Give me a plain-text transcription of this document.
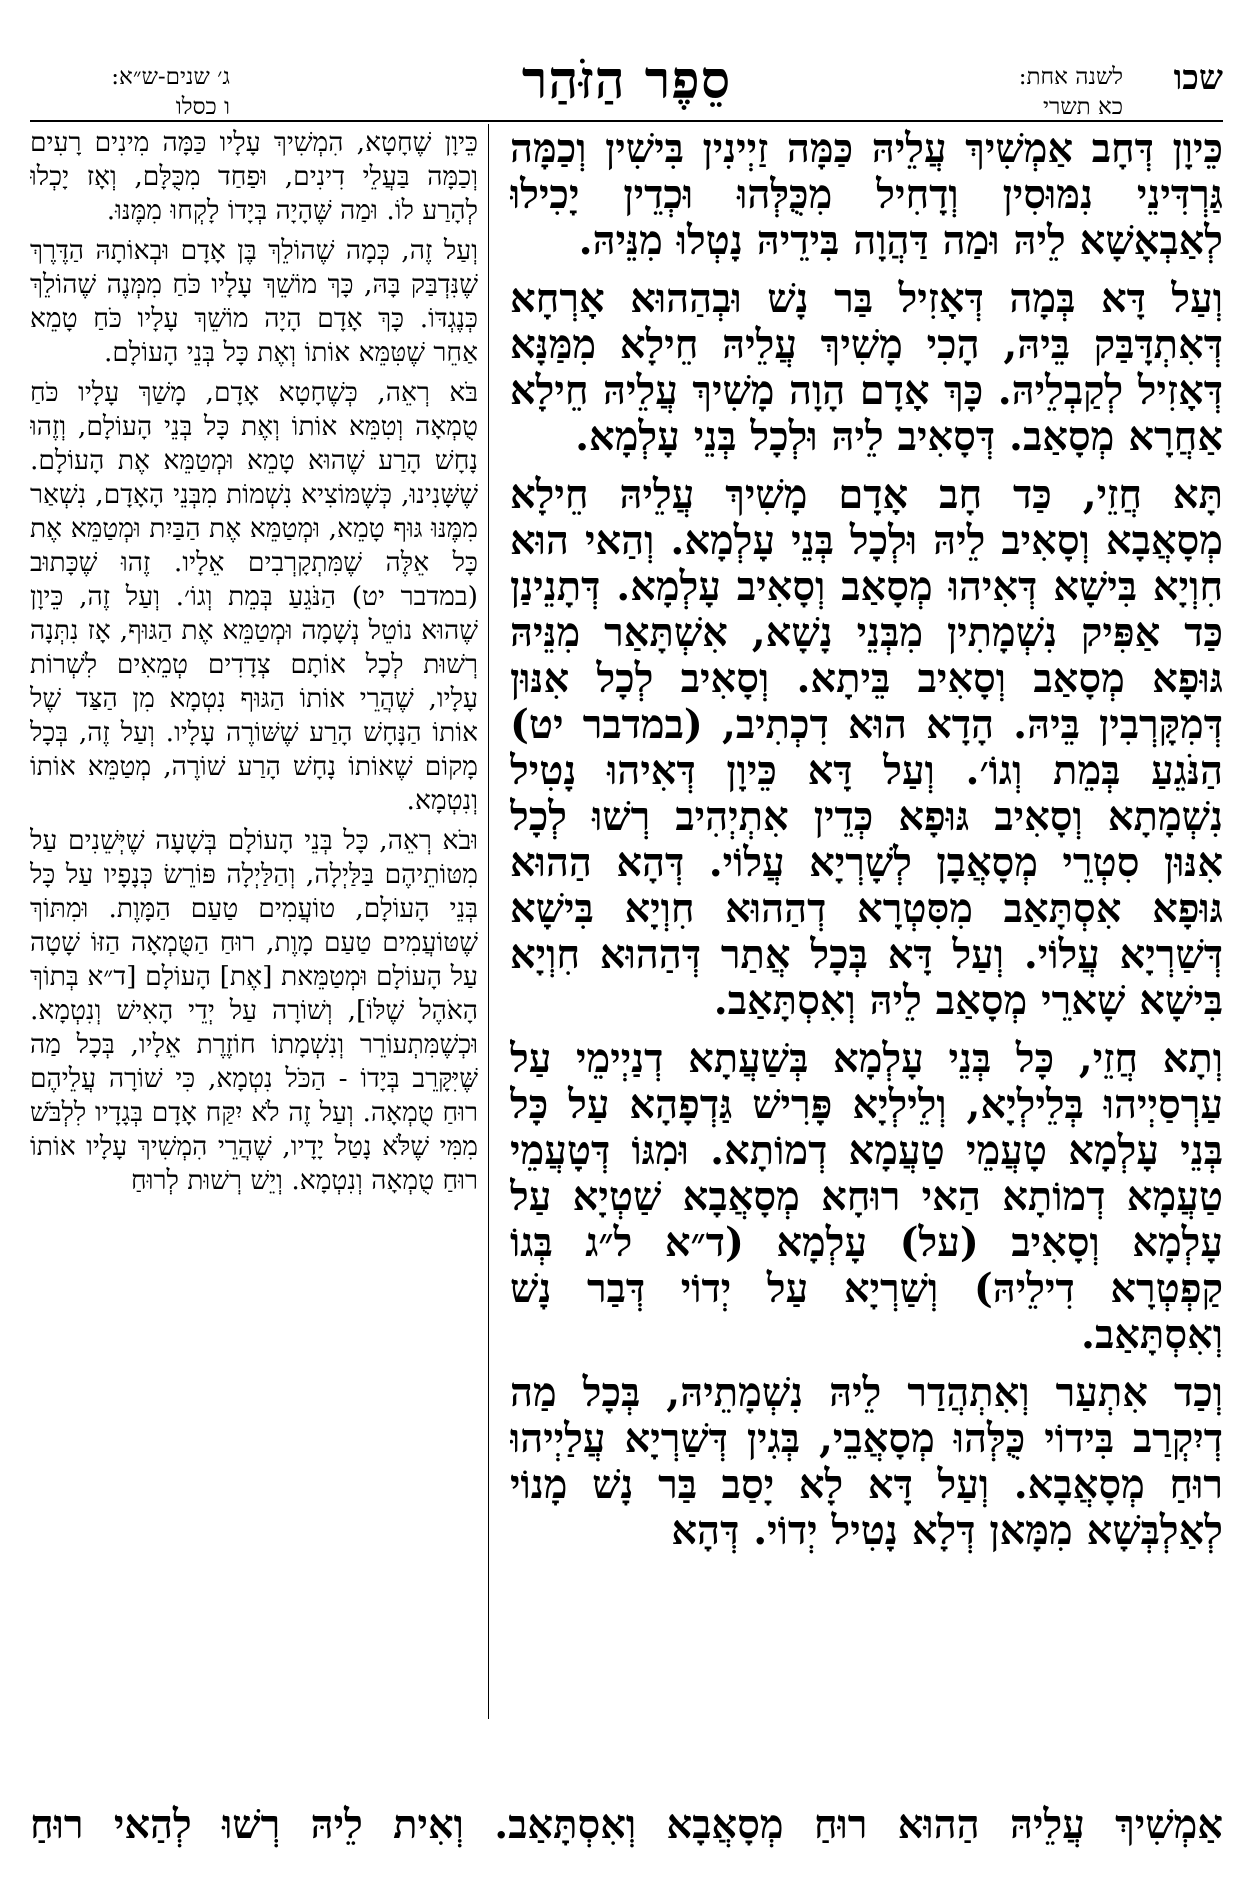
שכו
לשנה אחת:
כא תשרי
סֵפֶר הַזֹּהַר
ג׳ שנים-ש״א:
ו כסלו

כֵּיוָן דְּחָב אַמְשִׁיךְ עֲלֵיהּ כַּמָּה זַיְינִין בִּישִׁין וְכַמָּה גַּרְדִּינֵי נִמּוּסִין וְדָחִיל מִכֻּלְּהוּ וּכְדֵין יָכִילוּ לְאַבְאָשָׁא לֵיהּ וּמַה דַּהֲוָה בִּידֵיהּ נָטְלוּ מִנֵּיהּ.

וְעַל דָּא בְּמָה דְּאָזִיל בַּר נָשׁ וּבְהַהוּא אָרְחָא דְּאִתְדָּבַּק בֵּיהּ, הָכִי מָשִׁיךְ עֲלֵיהּ חֵילָא מִמַּנָּא דְּאָזִיל לְקַבְלֵיהּ. כָּךְ אָדָם הָוָה מָשִׁיךְ עֲלֵיהּ חֵילָא אַחֲרָא מְסָאַב. דְּסָאִיב לֵיהּ וּלְכָל בְּנֵי עָלְמָא.

תָּא חֲזֵי, כַּד חָב אָדָם מָשִׁיךְ עֲלֵיהּ חֵילָא מְסָאֲבָא וְסָאִיב לֵיהּ וּלְכָל בְּנֵי עָלְמָא. וְהַאי הוּא חִוְיָא בִּישָׁא דְּאִיהוּ מְסָאַב וְסָאִיב עָלְמָא. דְּתָנֵינַן כַּד אַפִּיק נִשְׁמָתִין מִבְּנֵי נָשָׁא, אִשְׁתָּאַר מִנֵּיהּ גּוּפָא מְסָאַב וְסָאִיב בֵּיתָא. וְסָאִיב לְכָל אִנּוּן דְּמִקָּרְבִין בֵּיהּ. הָדָא הוּא דִכְתִיב, (במדבר יט) הַנֹּגֵעַ בְּמֵת וְגוֹ׳. וְעַל דָּא כֵּיוָן דְּאִיהוּ נָטִיל נִשְׁמָתָא וְסָאִיב גּוּפָא כְּדֵין אִתְיְהִיב רְשׁוּ לְכָל אִנּוּן סִטְרֵי מְסָאֲבָן לְשָׁרְיָא עֲלוֹי. דְּהָא הַהוּא גּוּפָא אִסְתָּאַב מִסִּטְרָא דְהַהוּא חִוְיָא בִּישָׁא דְּשַׁרְיָא עֲלוֹי. וְעַל דָּא בְּכָל אֲתַר דְּהַהוּא חִוְיָא בִּישָׁא שָׁארֵי מְסָאַב לֵיהּ וְאִסְתָּאַב.

וְתָא חֲזֵי, כָּל בְּנֵי עָלְמָא בְּשַׁעֲתָא דְנַיְימֵי עַל עַרְסַיְיהוּ בְּלֵילְיָא, וְלֵילְיָא פָּרִישׁ גַּדְפָהָא עַל כָּל בְּנֵי עָלְמָא טָעֲמֵי טַעֲמָא דְמוֹתָא. וּמִגּוֹ דְּטָעֲמֵי טַעֲמָא דְמוֹתָא הַאי רוּחָא מְסָאֲבָא שַׁטְיָא עַל עָלְמָא וְסָאִיב (על) עָלְמָא (ד״א ל״ג בְּגוֹ קַפְטְרָא דִילֵיהּ) וְשַׁרְיָא עַל יְדוֹי דְּבַר נָשׁ וְאִסְתָּאַב.

וְכַד אִתְעַר וְאִתְהֲדַר לֵיהּ נִשְׁמָתֵיהּ, בְּכָל מַה דְיִקְרַב בִּידוֹי כֻּלְּהוּ מְסָאֲבֵי, בְּגִין דְּשַׁרְיָא עֲלַיְיהוּ רוּחַ מְסָאֲבָא. וְעַל דָּא לָא יָסַב בַּר נָשׁ מָנוֹי לְאַלְבְּשָׁא מִמָּאן דְּלָא נָטִיל יְדוֹי. דְּהָא

כֵּיוָן שֶׁחָטָא, הִמְשִׁיךְ עָלָיו כַּמָּה מִינִים רָעִים וְכַמָּה בַּעֲלֵי דִינִים, וּפַחַד מִכֻּלָּם, וְאָז יָכְלוּ לְהָרַע לוֹ. וּמַה שֶּׁהָיָה בְּיָדוֹ לָקְחוּ מִמֶּנּוּ.

וְעַל זֶה, כְּמָה שֶׁהוֹלֵךְ בֶּן אָדָם וּבְאוֹתָהּ הַדֶּרֶךְ שֶׁנִּדְבַּק בָּהּ, כָּךְ מוֹשֵׁךְ עָלָיו כֹּחַ מִמְּנֶה שֶׁהוֹלֵךְ כְּנֶגְדּוֹ. כָּךְ אָדָם הָיָה מוֹשֵׁךְ עָלָיו כֹּחַ טָמֵא אַחֵר שֶׁטִּמֵּא אוֹתוֹ וְאֶת כָּל בְּנֵי הָעוֹלָם.

בֹּא רְאֵה, כְּשֶׁחָטָא אָדָם, מָשַׁךְ עָלָיו כֹּחַ טֻמְאָה וְטִמֵּא אוֹתוֹ וְאֶת כָּל בְּנֵי הָעוֹלָם, וְזֶהוּ נָחָשׁ הָרַע שֶׁהוּא טָמֵא וּמְטַמֵּא אֶת הָעוֹלָם. שֶׁשָּׁנִינוּ, כְּשֶׁמּוֹצִיא נִשְׁמוֹת מִבְּנֵי הָאָדָם, נִשְׁאַר מִמֶּנּוּ גּוּף טָמֵא, וּמְטַמֵּא אֶת הַבַּיִת וּמְטַמֵּא אֶת כָּל אֵלֶּה שֶׁמִּתְקָרְבִים אֵלָיו. זֶהוּ שֶׁכָּתוּב (במדבר יט) הַנֹּגֵעַ בְּמֵת וְגוֹ׳. וְעַל זֶה, כֵּיוָן שֶׁהוּא נוֹטֵל נְשָׁמָה וּמְטַמֵּא אֶת הַגּוּף, אָז נִתְּנָה רְשׁוּת לְכָל אוֹתָם צְדָדִים טְמֵאִים לִשְׁרוֹת עָלָיו, שֶׁהֲרֵי אוֹתוֹ הַגּוּף נִטְמָא מִן הַצַּד שֶׁל אוֹתוֹ הַנָּחָשׁ הָרַע שֶׁשּׁוֹרֶה עָלָיו. וְעַל זֶה, בְּכָל מָקוֹם שֶׁאוֹתוֹ נָחָשׁ הָרַע שׁוֹרֶה, מְטַמֵּא אוֹתוֹ וְנִטְמָא.

וּבֹא רְאֵה, כָּל בְּנֵי הָעוֹלָם בְּשָׁעָה שֶׁיְּשֵׁנִים עַל מִטּוֹתֵיהֶם בַּלַּיְלָה, וְהַלַּיְלָה פּוֹרֵשׂ כְּנָפָיו עַל כָּל בְּנֵי הָעוֹלָם, טוֹעֲמִים טַעַם הַמָּוֶת. וּמִתּוֹךְ שֶׁטּוֹעֲמִים טַעַם מָוֶת, רוּחַ הַטֻּמְאָה הַזּוֹ שָׁטָה עַל הָעוֹלָם וּמְטַמֵּאת [אֶת] הָעוֹלָם [ד״א בְּתוֹךְ הָאֹהֶל שֶׁלּוֹ], וְשׁוֹרָה עַל יְדֵי הָאִישׁ וְנִטְמָא. וּכְשֶׁמִּתְעוֹרֵר וְנִשְׁמָתוֹ חוֹזֶרֶת אֵלָיו, בְּכָל מַה שֶּׁיִּקָּרֵב בְּיָדוֹ - הַכֹּל נִטְמָא, כִּי שׁוֹרָה עֲלֵיהֶם רוּחַ טֻמְאָה. וְעַל זֶה לֹא יִקַּח אָדָם בְּגָדָיו לִלְבֹּשׁ מִמִּי שֶׁלֹּא נָטַל יָדָיו, שֶׁהֲרֵי הִמְשִׁיךְ עָלָיו אוֹתוֹ רוּחַ טֻמְאָה וְנִטְמָא. וְיֵשׁ רְשׁוּת לְרוּחַ

אַמְשִׁיךְ עֲלֵיהּ הַהוּא רוּחַ מְסָאֲבָא וְאִסְתָּאַב. וְאִית לֵיהּ רְשׁוּ לְהַאי רוּחַ
